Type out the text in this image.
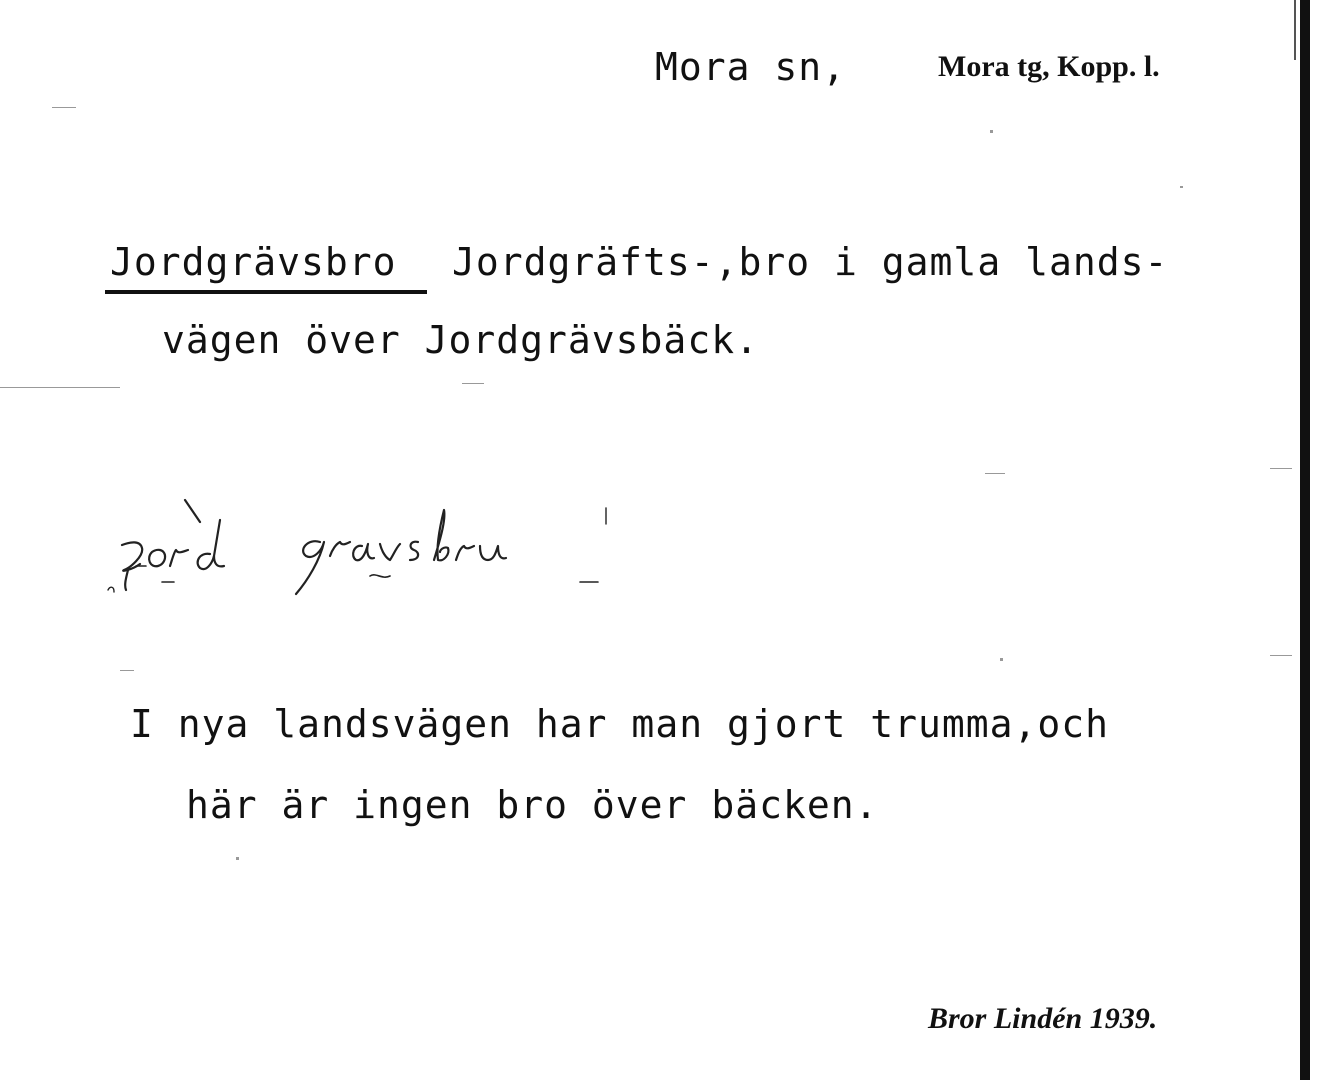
Mora sn,	Mora tg, Kopp. l.
Jordgrävsbro Jordgräfts-,bro i gamla lands-
vägen över Jordgrävsbäck.
I nya landsvägen har man gjort trumma,och
här är ingen bro över bäcken.
Bror Lindén 1939.
